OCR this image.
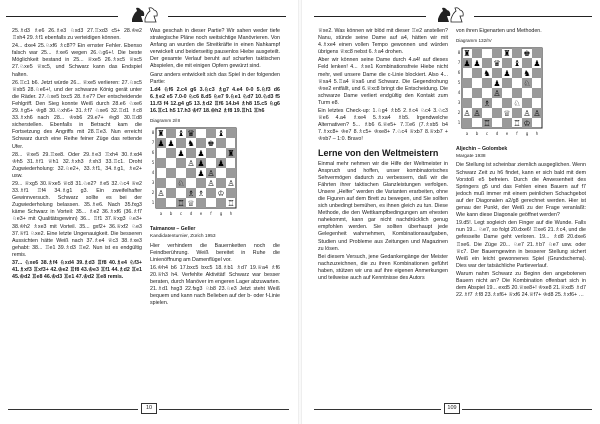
25.♗d3 ♗e6 26.♗e3 ♘xd3 27.♖xd3 c5+ 28.♔e2 ♖xh4 29.♗f1 ebenfalls zu verteidigen können.

24... dxe4 25.♘xf6 ♗c8?? Ein ernster Fehler. Ebenso falsch war 25... ♗xe6 wegen 26.♘g6+!. Die beste Möglichkeit bestand in 25... ♕xe5 26.♗xc5 ♕xc5 27.♘xe5 ♕xc5, und Schwarz kann das Endspiel halten.

26.♖c1 b6. Jetzt würde 26... ♕xe5 verlieren: 27.♘xc5 ♕xb5 28.♘e6+!, und der schwarze König gerät unter die Räder. 27.♘xe5 bxc5 28.♗e7? Der entscheidende Fehlgriff. Den Sieg konnte Weiß durch 28.e6 ♘xe6 29.♗g5+ ♔g8 30.♘xh6+ 31.♗f7 ♘xe6 32.♖d1 ♗c8 33.♗xh6 nach 28... ♔xb6 29.e7+ ♔g8 30.♖d8 sicherstellen. Ebenfalls in Betracht kam die Fortsetzung des Angriffs mit 28.♖e3. Nun erreicht Schwarz durch eine Reihe feiner Züge das rettende Ufer.

28... ♕xe5 29.♖xe8. Oder 29.♗e3 ♖xh4 30.♗xd4 ♔h5 31.♗f1 ♕h1 32.♗xh3 ♗xh3 33.♖c1. Droht Zugwiederholung: 32.♘e2+, 33.♗f1, 34.♗g1, ♗e2+ usw.

29... ♕xg5 30.♕xe5 ♕c8 31.♘e2? ♗e5 32.♘c4 ♕e2 33.♗f1 ♖f4 34.♗g1 g3. Ein zweifelhafter Gewinnversuch. Schwarz sollte es bei der Zugwiederholung belassen. 35.♗e6. Nach 35.fxg3 käme Schwarz in Vorteil: 35... ♗e2 36.♗xf6 (36.♗f7 ♘e3+ mit Qualitätsgewinn) 36... ♖f1 37.♕xg3 ♘e3+ 38.♔h2 ♗xe3 mit Vorteil. 35... gxf2+ 36.♕xf2 ♘e3 37.♕f1 ♘xe2. Eine letzte Ungenauigkeit. Die besseren Aussichten hätte Weiß nach 37.♗e4 ♕c3 38.♗xe3 gehabt: 38... ♖e1 39.♗d3 ♖e2. Nun ist es endgültig remis.

37... ♘xe6 38.♗f4 ♘xd4 39.♗d3 ♖f8 40.♗e4 ♘f3+ 41.♗xf3 ♖xf3+ 42.♔e2 ♖f8 43.♔e3 ♖f1 44.♗d2 ♖e1 45.♔d2 ♖e8 46.♔d3 ♖e1 47.♔d2 ♖e8 remis.

Was geschah in dieser Partie? Wir sahen weder tiefe strategische Pläne noch weitsichtige Manövrieren. Von Anfang an wurden die Streitkräfte in einen Nahkampf verwickelt und beiderseitig pausenlos Hiebe ausgeteilt. Der gesamte Verlauf beruht auf scharfen taktischen Abspielen, die mit einigen Opfern gewürzt sind.

Ganz anders entwickelt sich das Spiel in der folgenden Partie:

1.d4 ♘f6 2.c4 g6 3.♘c3 ♗g7 4.e4 0-0 5.♘f3 d6 6.♗e2 e5 7.0-0 ♘c6 8.d5 ♘e7 9.♘e1 ♘d7 10.♘d3 f5 11.f3 f4 12.g4 g5 13.♗d2 ♖f6 14.b4 ♗h8 15.c5 ♘g6 16.♖c1 h5 17.h3 ♔f7 18.♔h2 ♗f8 19.♖h1 ♖h6

Diagramm 2/III
♜ ♝ ♛	♝
♟ ♟ ♞ ♚
♟ ♟	♜
♙ ♟ ♟
♙
♟
♘	♙ ♙
♙	♗ ♗ ♔
♖ ♕	♖
a b c d e f g h
8
7
6
5
4
3
2
1
Taimanow – Geller
Kandidatenturnier, Zürich 1953

Hier verhindern die Bauernketten noch die Feindberührung. Weiß bereitet in Ruhe die Linienöffnung am Damenflügel vor.

16.♔h4 b6 17.bxc5 bxc5 18.♗b1 ♗d7 19.♕a4 ♗f6 20.♕h3 h4. Verfehlte Aktivität! Schwarz war besser beraten, durch Manöver im engeren Lager abzuwarten. 21.♗d1 hxg3 22.fxg3 ♘b8 23.♘e3 Jetzt steht Weiß bequem und kann nach Belieben auf der b- oder f-Linie spielen.

10

♕xe2. Was können wir blöd mit dieser ♖e2 anstellen? Nanu, stünde seine Dame auf a4, hätten wir mit 4.♗xe4 einen vollen Tempo gewonnen und würden übrigens ♕xc8 nebst 6.♗a4 drohen.

Aber wir können seine Dame durch 4.a4! auf dieses Feld lenken! 4... ♗xe1 Kombinationsfreie Hiebe nicht mehr, weil unsere Dame die c-Linie blockiert. Also 4... ♕xa4 5.♖a4 ♕xa6 und Schwarz. Die Gegendrohung ♔xe2 entfällt, und 6.♕xc8 bringt die Entscheidung. Die schwarze Dame verliert endgültig den Kontakt zum Turm e8.

Ein letztes Check-up: 1.♘g4 ♗b5 2.♗c4 ♘c4 3.♘c3 ♕e6 4.a4 ♗xe4 5.♗xa4 ♗b5. Irgendwelche Alternativen? 5... ♗b6 6.♕e5+ 7.♖e6 (7.♗xb5 b4 7.♗xc8+ ♔e7 8.♗c5+ ♔xe8+ 7.♘c4 ♕xb7 8.♕xb7 + ♔xb7 – 1:0. Bravo!

Lerne von den Weltmeistern

Einmal mehr nehmen wir die Hilfe der Weltmeister in Anspruch und hoffen, unser kombinatorisches Sehvermögen dadurch zu verbessern, daß wir die Fährten ihrer taktischen Glanzleistungen verfolgen. Unsere „Helfer“ werden die Varianten erarbeiten, ohne die Figuren auf dem Brett zu bewegen, und Sie sollten sich unbedingt bemühen, es ihnen gleich zu tun. Diese Methode, die den Wettkampfbedingungen am ehesten nahekommt, kann gar nicht nachdrücklich genug empfohlen werden. Sie sollten überhaupt jede Gelegenheit wahrnehmen, Kombinationsaufgaben, Studien und Probleme aus Zeitungen und Magazinen zu lösen.

Bei diesem Versuch, jene Gedankengänge der Meister nachzuzeichnen, die zu ihren Kombinationen geführt haben, stützen wir uns auf ihre eigenen Anmerkungen und teilweise auch auf Kenntnisse des Autors

von ihren Eigenarten und Methoden.

Diagramm 132/IV
♜	♜ ♚
♟ ♟ ♛ ♝ ♟
♞ ♟ ♞
♟	♘
♙
♗	♘
♙ ♙	♕ ♙ ♙
♖	♖ ♔
a b c d e f g h
8
7
6
5
4
3
2
1
Aljechin – Golombek
Margate 1938

Die Stellung ist scheinbar ziemlich ausgeglichen. Wenn Schwarz Zeit zu h6 findet, kann er sich bald mit dem Vorstoß e5 befreien. Durch die Anwesenheit des Springers g5 und das Fehlen eines Bauern auf f7 jedoch muß immer mit einem peinlichen Schachgebot auf der Diagonalen a2/g8 gerechnet werden. Hier ist genau der Punkt, der Weiß zu der Frage veranlaßt: Wie kann diese Diagonale geöffnet werden?

19.d5!. Legt sogleich den Finger auf die Wunde. Falls nun 19... ♘e7, so folgt 20.dxe6! ♖xe6 21.♗c4, und die gefesselte Dame geht verloren. 19... ♗d8 20.dxe6 ♖xe6. Die Züge 20... ♘e7 21.♗b7 ♘e7 usw. oder ♕c7. Der Bauerngewinn in besserer Stellung sichert Weiß ein leicht gewonnenes Spiel (Grundschema). Dies war der tatsächliche Partieverlauf.

Warum nahm Schwarz zu Beginn den angebotenen Bauern nicht an? Die Kombination offenbart sich in dem Abspiel 19... exd5 20.♕xe8+! ♔xe8 21.♕xd5 ♗d7 22.♗f7 ♗f8 23.♗xf6+ ♕xf6 24.♕f7+ ♔d8 25.♗xf6+ …

109
